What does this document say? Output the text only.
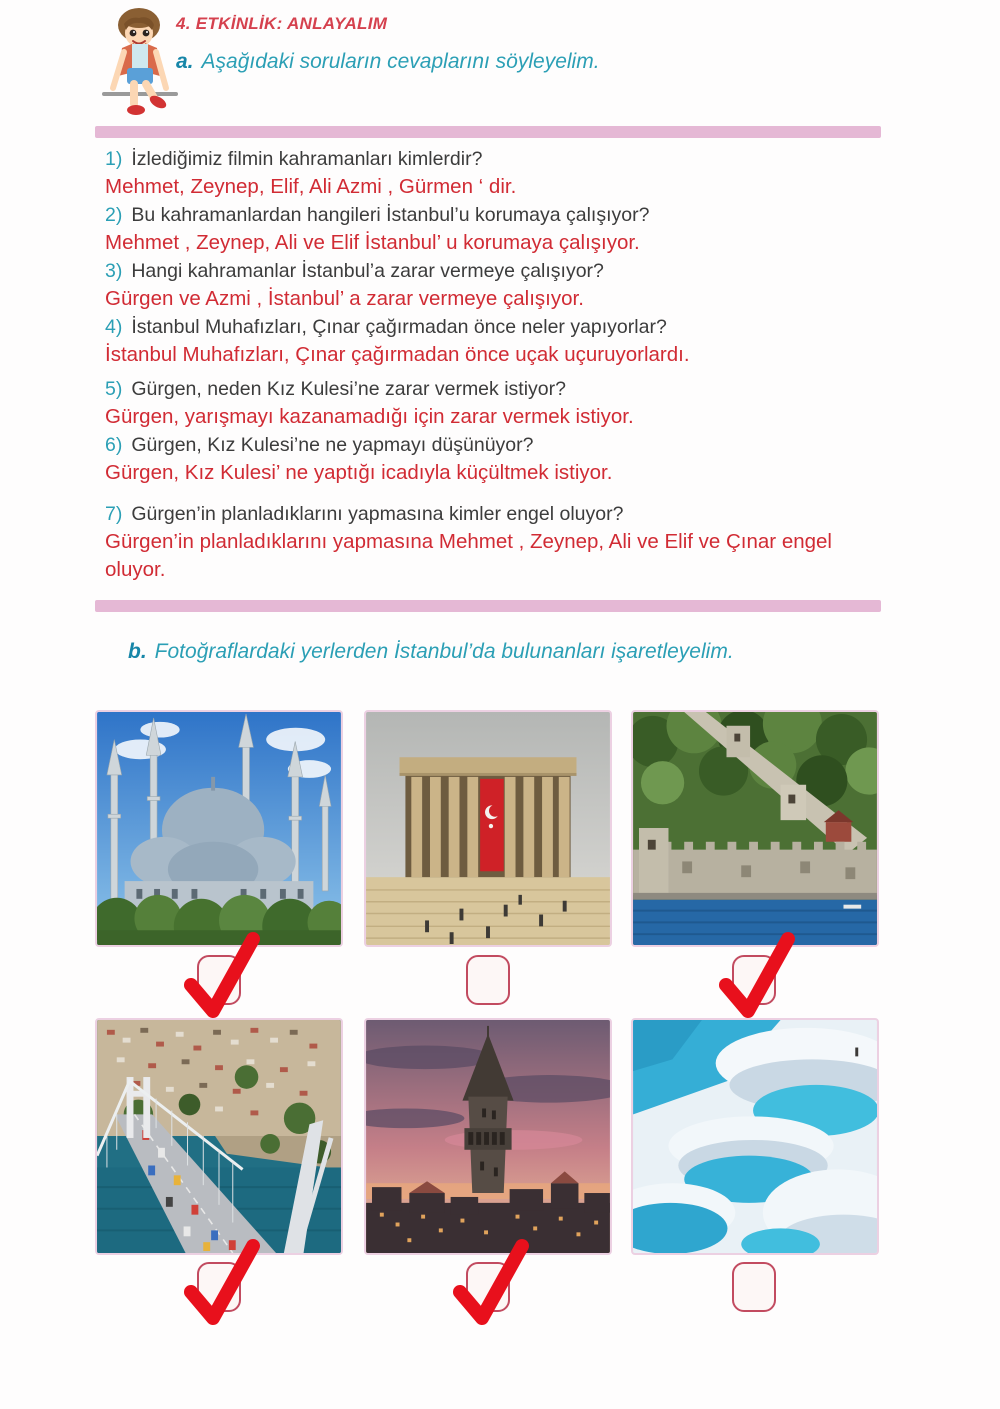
4. ETKİNLİK: ANLAYALIM
a. Aşağıdaki soruların cevaplarını söyleyelim.
1) İzlediğimiz filmin kahramanları kimlerdir?
Mehmet, Zeynep, Elif, Ali Azmi , Gürmen ‘ dir.
2) Bu kahramanlardan hangileri İstanbul’u korumaya çalışıyor?
Mehmet , Zeynep, Ali ve Elif İstanbul’ u korumaya çalışıyor.
3) Hangi kahramanlar İstanbul’a zarar vermeye çalışıyor?
Gürgen ve Azmi , İstanbul’ a zarar vermeye çalışıyor.
4) İstanbul Muhafızları, Çınar çağırmadan önce neler yapıyorlar?
İstanbul Muhafızları, Çınar çağırmadan önce uçak uçuruyorlardı.
5) Gürgen, neden Kız Kulesi’ne zarar vermek istiyor?
Gürgen, yarışmayı kazanamadığı için zarar vermek istiyor.
6) Gürgen, Kız Kulesi’ne ne yapmayı düşünüyor?
Gürgen, Kız Kulesi’ ne yaptığı icadıyla küçültmek istiyor.
7) Gürgen’in planladıklarını yapmasına kimler engel oluyor?
Gürgen’in planladıklarını yapmasına Mehmet , Zeynep, Ali ve Elif ve Çınar engel oluyor.
b. Fotoğraflardaki yerlerden İstanbul’da bulunanları işaretleyelim.
